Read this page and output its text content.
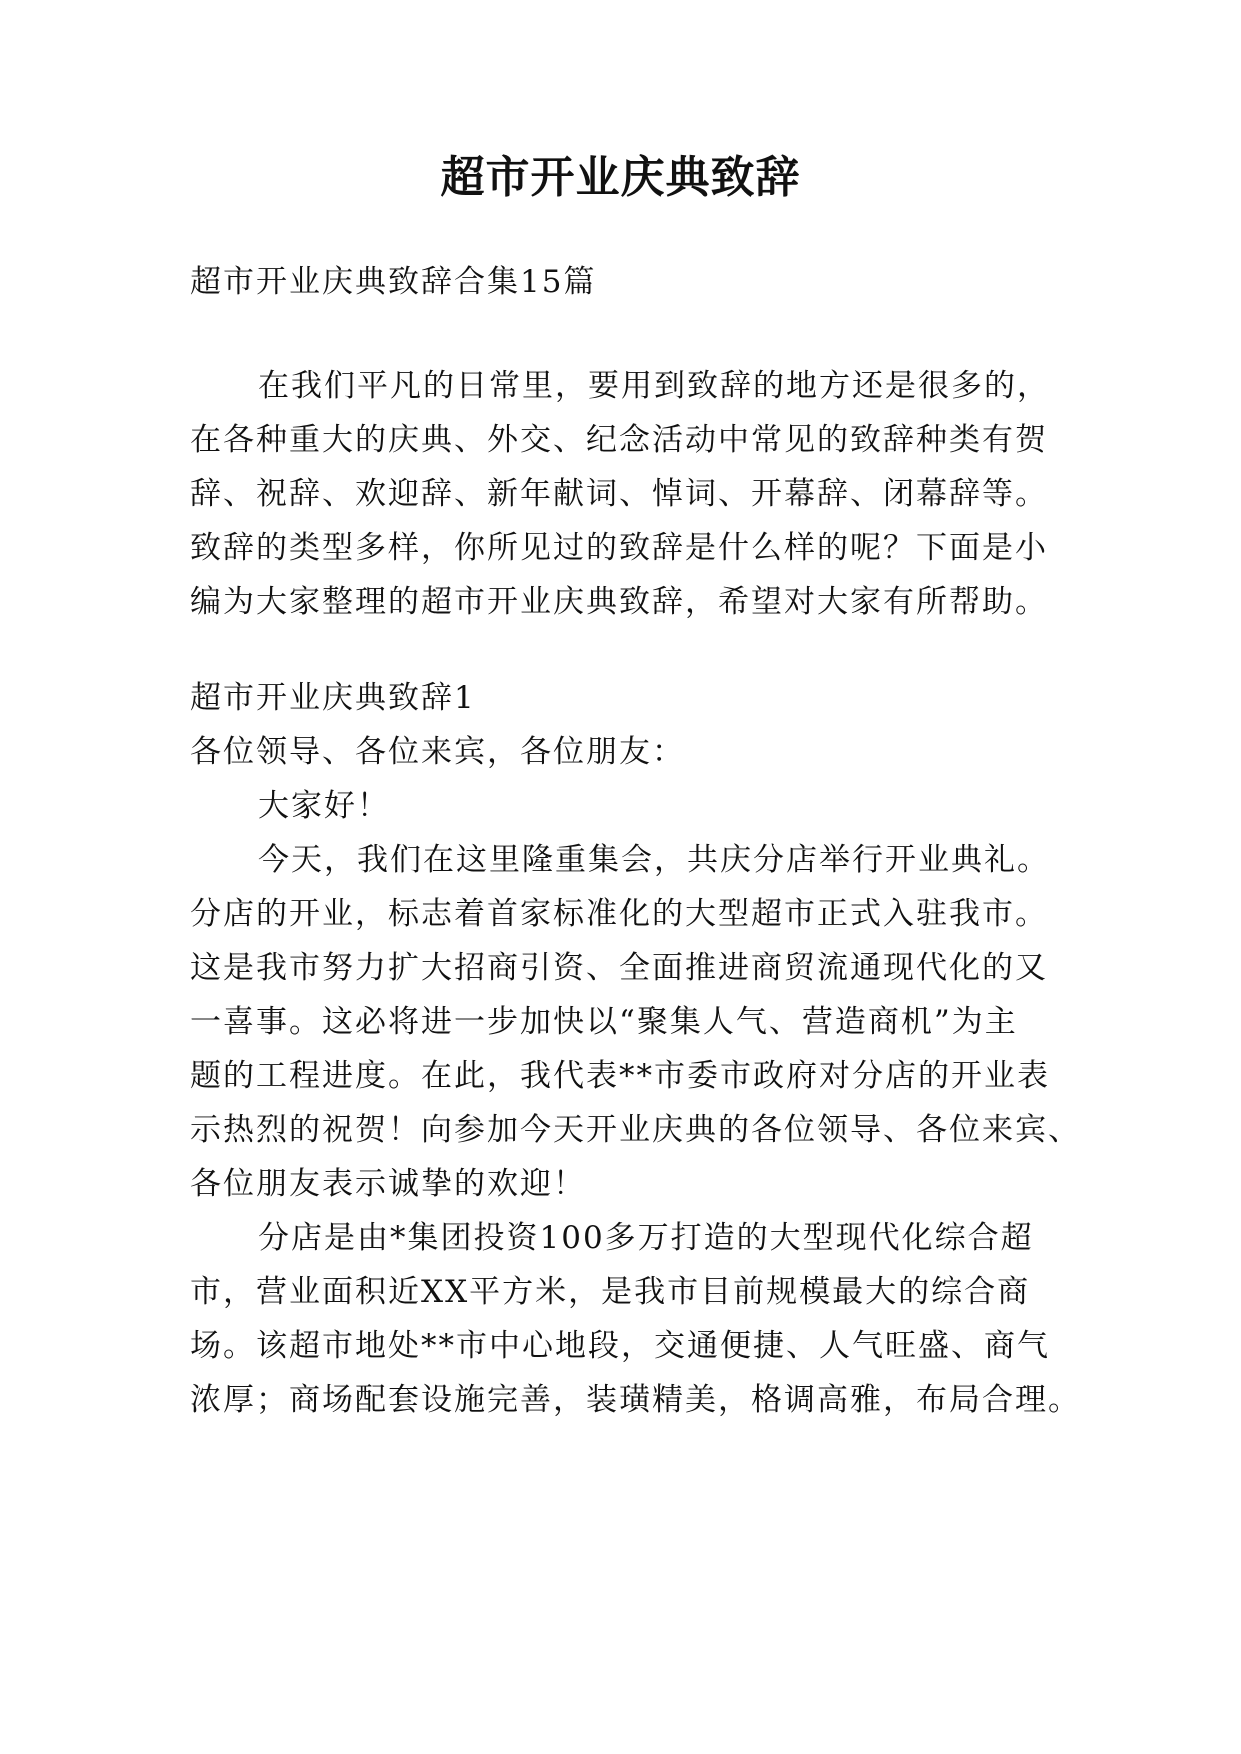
超市开业庆典致辞
超市开业庆典致辞合集15篇
在我们平凡的日常里，要用到致辞的地方还是很多的，
在各种重大的庆典、外交、纪念活动中常见的致辞种类有贺
辞、祝辞、欢迎辞、新年献词、悼词、开幕辞、闭幕辞等。
致辞的类型多样，你所见过的致辞是什么样的呢？下面是小
编为大家整理的超市开业庆典致辞，希望对大家有所帮助。
超市开业庆典致辞1
各位领导、各位来宾，各位朋友：
大家好！
今天，我们在这里隆重集会，共庆分店举行开业典礼。
分店的开业，标志着首家标准化的大型超市正式入驻我市。
这是我市努力扩大招商引资、全面推进商贸流通现代化的又
一喜事。这必将进一步加快以“聚集人气、营造商机”为主
题的工程进度。在此，我代表**市委市政府对分店的开业表
示热烈的祝贺！向参加今天开业庆典的各位领导、各位来宾、
各位朋友表示诚挚的欢迎！
分店是由*集团投资100多万打造的大型现代化综合超
市，营业面积近XX平方米，是我市目前规模最大的综合商
场。该超市地处**市中心地段，交通便捷、人气旺盛、商气
浓厚；商场配套设施完善，装璜精美，格调高雅，布局合理。
